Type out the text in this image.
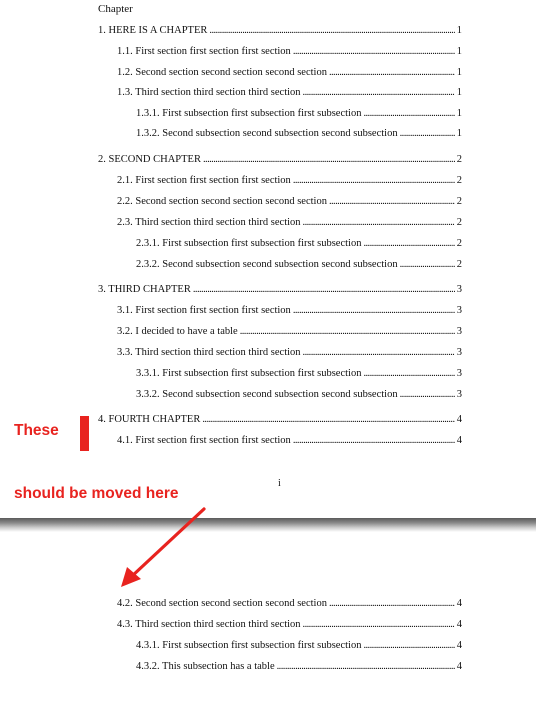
Chapter
1. HERE IS A CHAPTER . . .	1
1.1. First section first section first section . . .	1
1.2. Second section second section second section . . .	1
1.3. Third section third section third section . . .	1
1.3.1. First subsection first subsection first subsection . . .	1
1.3.2. Second subsection second subsection second subsection . . .	1
2. SECOND CHAPTER . . .	2
2.1. First section first section first section . . .	2
2.2. Second section second section second section . . .	2
2.3. Third section third section third section . . .	2
2.3.1. First subsection first subsection first subsection . . .	2
2.3.2. Second subsection second subsection second subsection . . .	2
3. THIRD CHAPTER . . .	3
3.1. First section first section first section . . .	3
3.2. I decided to have a table . . .	3
3.3. Third section third section third section . . .	3
3.3.1. First subsection first subsection first subsection . . .	3
3.3.2. Second subsection second subsection second subsection . . .	3
4. FOURTH CHAPTER . . .	4
4.1. First section first section first section . . .	4
i
4.2. Second section second section second section . . .	4
4.3. Third section third section third section . . .	4
4.3.1. First subsection first subsection first subsection . . .	4
4.3.2. This subsection has a table . . .	4
These
should be moved here
